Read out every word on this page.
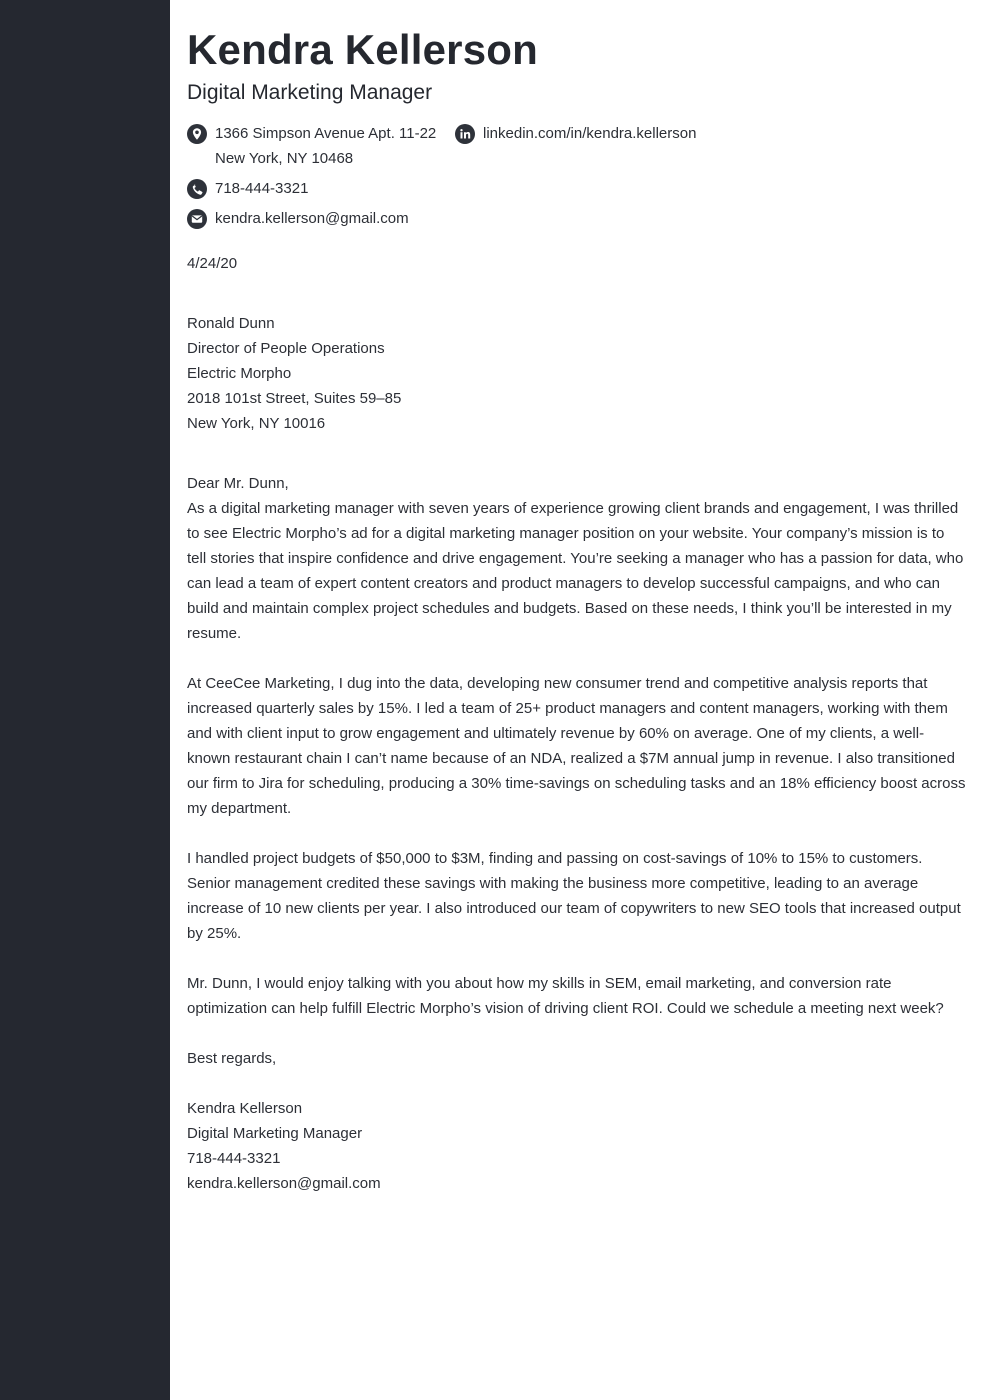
Kendra Kellerson
Digital Marketing Manager
1366 Simpson Avenue Apt. 11-22
New York, NY 10468
linkedin.com/in/kendra.kellerson
718-444-3321
kendra.kellerson@gmail.com
4/24/20
Ronald Dunn
Director of People Operations
Electric Morpho
2018 101st Street, Suites 59–85
New York, NY 10016

Dear Mr. Dunn,

As a digital marketing manager with seven years of experience growing client brands and engagement, I was thrilled to see Electric Morpho’s ad for a digital marketing manager position on your website. Your company’s mission is to tell stories that inspire confidence and drive engagement. You’re seeking a manager who has a passion for data, who can lead a team of expert content creators and product managers to develop successful campaigns, and who can build and maintain complex project schedules and budgets. Based on these needs, I think you’ll be interested in my resume.

At CeeCee Marketing, I dug into the data, developing new consumer trend and competitive analysis reports that increased quarterly sales by 15%. I led a team of 25+ product managers and content managers, working with them and with client input to grow engagement and ultimately revenue by 60% on average. One of my clients, a well-known restaurant chain I can’t name because of an NDA, realized a $7M annual jump in revenue. I also transitioned our firm to Jira for scheduling, producing a 30% time-savings on scheduling tasks and an 18% efficiency boost across my department.

I handled project budgets of $50,000 to $3M, finding and passing on cost-savings of 10% to 15% to customers. Senior management credited these savings with making the business more competitive, leading to an average increase of 10 new clients per year. I also introduced our team of copywriters to new SEO tools that increased output by 25%.

Mr. Dunn, I would enjoy talking with you about how my skills in SEM, email marketing, and conversion rate optimization can help fulfill Electric Morpho’s vision of driving client ROI. Could we schedule a meeting next week?

Best regards,

Kendra Kellerson
Digital Marketing Manager
718-444-3321
kendra.kellerson@gmail.com
